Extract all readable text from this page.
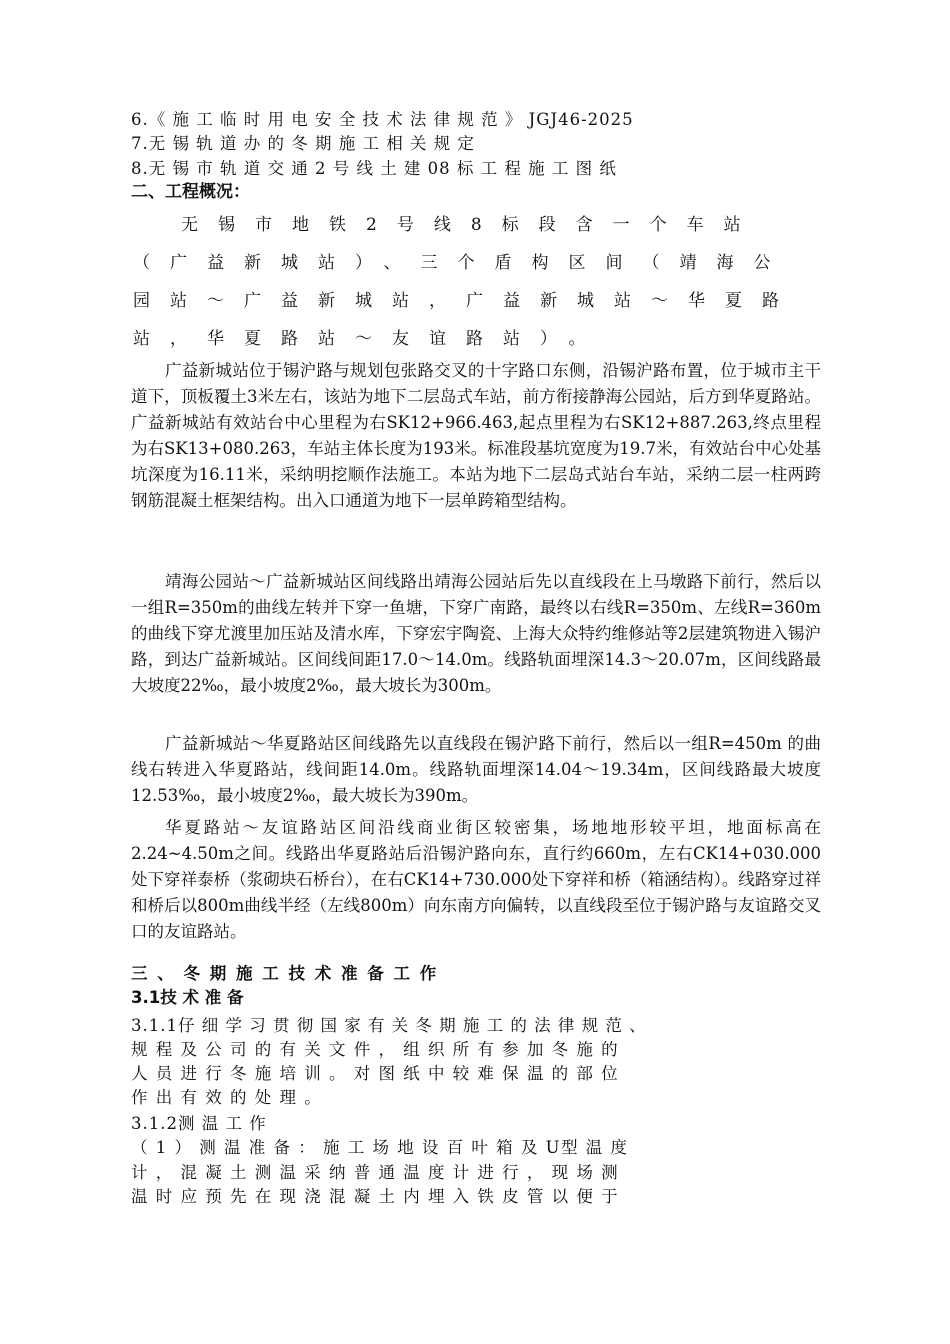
6.《 施 工 临 时 用 电 安 全 技 术 法 律 规 范 》 JGJ46-2025
7.无 锡 轨 道 办 的 冬 期 施 工 相 关 规 定
8.无 锡 市 轨 道 交 通 2 号 线 土 建 08 标 工 程 施 工 图 纸
二、工程概况：
无锡市地铁2号线8标段含一个车站（广益新城站）、三个盾构区间（靖海公园站～广益新城站，广益新城站～华夏路站，华夏路站～友谊路站）。
广益新城站位于锡沪路与规划包张路交叉的十字路口东侧，沿锡沪路布置，位于城市主干道下，顶板覆土3米左右，该站为地下二层岛式车站，前方衔接静海公园站，后方到华夏路站。广益新城站有效站台中心里程为右SK12+966.463,起点里程为右SK12+887.263,终点里程为右SK13+080.263，车站主体长度为193米。标准段基坑宽度为19.7米，有效站台中心处基坑深度为16.11米，采纳明挖顺作法施工。本站为地下二层岛式站台车站，采纳二层一柱两跨钢筋混凝土框架结构。出入口通道为地下一层单跨箱型结构。
靖海公园站～广益新城站区间线路出靖海公园站后先以直线段在上马墩路下前行，然后以一组R=350m的曲线左转并下穿一鱼塘，下穿广南路，最终以右线R=350m、左线R=360m的曲线下穿尤渡里加压站及清水库，下穿宏宇陶瓷、上海大众特约维修站等2层建筑物进入锡沪路，到达广益新城站。区间线间距17.0～14.0m。线路轨面埋深14.3～20.07m，区间线路最大坡度22‰，最小坡度2‰，最大坡长为300m。
广益新城站～华夏路站区间线路先以直线段在锡沪路下前行，然后以一组R=450m 的曲线右转进入华夏路站，线间距14.0m。线路轨面埋深14.04～19.34m，区间线路最大坡度12.53‰，最小坡度2‰，最大坡长为390m。
华夏路站～友谊路站区间沿线商业街区较密集，场地地形较平坦，地面标高在2.24~4.50m之间。线路出华夏路站后沿锡沪路向东，直行约660m，左右CK14+030.000处下穿祥泰桥（浆砌块石桥台），在右CK14+730.000处下穿祥和桥（箱涵结构）。线路穿过祥和桥后以800m曲线半经（左线800m）向东南方向偏转，以直线段至位于锡沪路与友谊路交叉口的友谊路站。
三 、 冬 期 施 工 技 术 准 备 工 作
3.1技 术 准 备
3.1.1仔 细 学 习 贯 彻 国 家 有 关 冬 期 施 工 的 法 律 规 范 、
规 程 及 公 司 的 有 关 文 件 ， 组 织 所 有 参 加 冬 施 的
人 员 进 行 冬 施 培 训 。 对 图 纸 中 较 难 保 温 的 部 位
作 出 有 效 的 处 理 。
3.1.2测 温 工 作
（ 1 ） 测 温 准 备 ： 施 工 场 地 设 百 叶 箱 及 U型 温 度
计 ， 混 凝 土 测 温 采 纳 普 通 温 度 计 进 行 ， 现 场 测
温 时 应 预 先 在 现 浇 混 凝 土 内 埋 入 铁 皮 管 以 便 于
